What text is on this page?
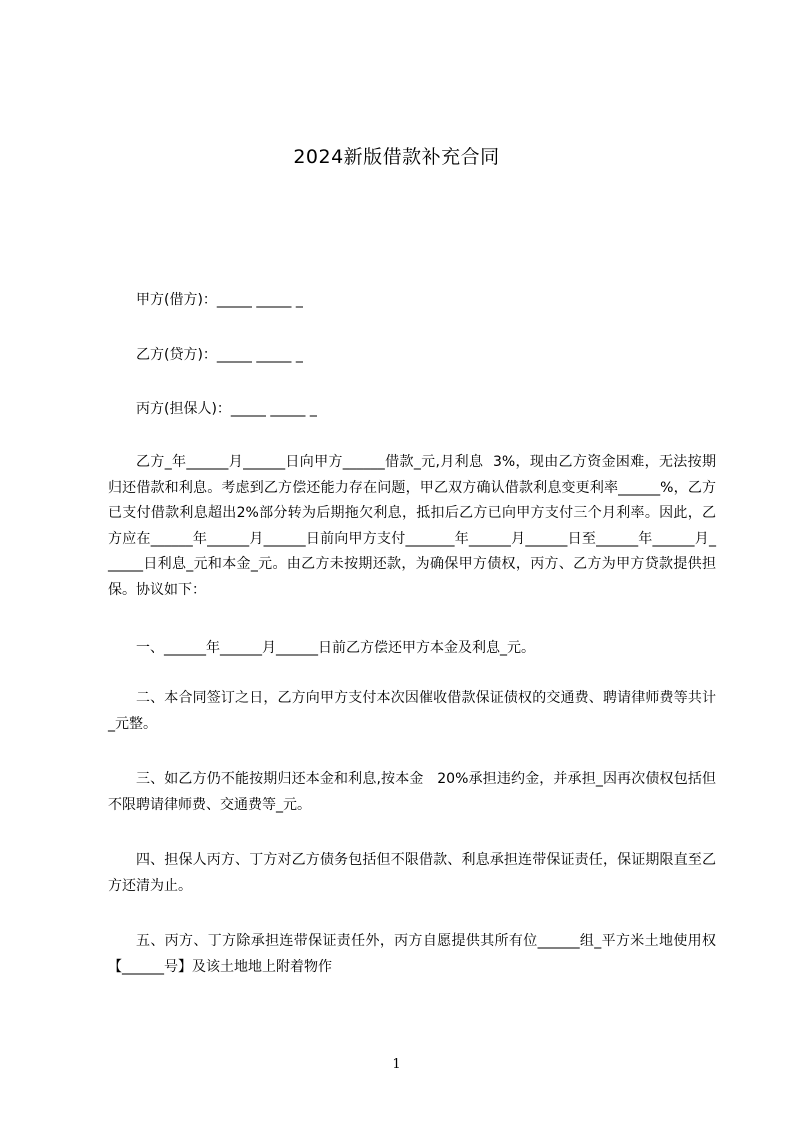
2024新版借款补充合同
甲方(借方)：_____ _____ _
乙方(贷方)：_____ _____ _
丙方(担保人)：_____ _____ _
乙方_年______月______日向甲方______借款_元,月利息  3%，现由乙方资金困难，无法按期归还借款和利息。考虑到乙方偿还能力存在问题，甲乙双方确认借款利息变更利率______%，乙方已支付借款利息超出2%部分转为后期拖欠利息，抵扣后乙方已向甲方支付三个月利率。因此，乙方应在______年______月______日前向甲方支付_______年______月______日至______年______月______日利息_元和本金_元。由乙方未按期还款，为确保甲方债权，丙方、乙方为甲方贷款提供担保。协议如下：
一、______年______月______日前乙方偿还甲方本金及利息_元。
二、本合同签订之日，乙方向甲方支付本次因催收借款保证债权的交通费、聘请律师费等共计_元整。
三、如乙方仍不能按期归还本金和利息,按本金   20%承担违约金，并承担_因再次债权包括但不限聘请律师费、交通费等_元。
四、担保人丙方、丁方对乙方债务包括但不限借款、利息承担连带保证责任，保证期限直至乙方还清为止。
五、丙方、丁方除承担连带保证责任外，丙方自愿提供其所有位______组_平方米土地使用权【______号】及该土地地上附着物作
1
